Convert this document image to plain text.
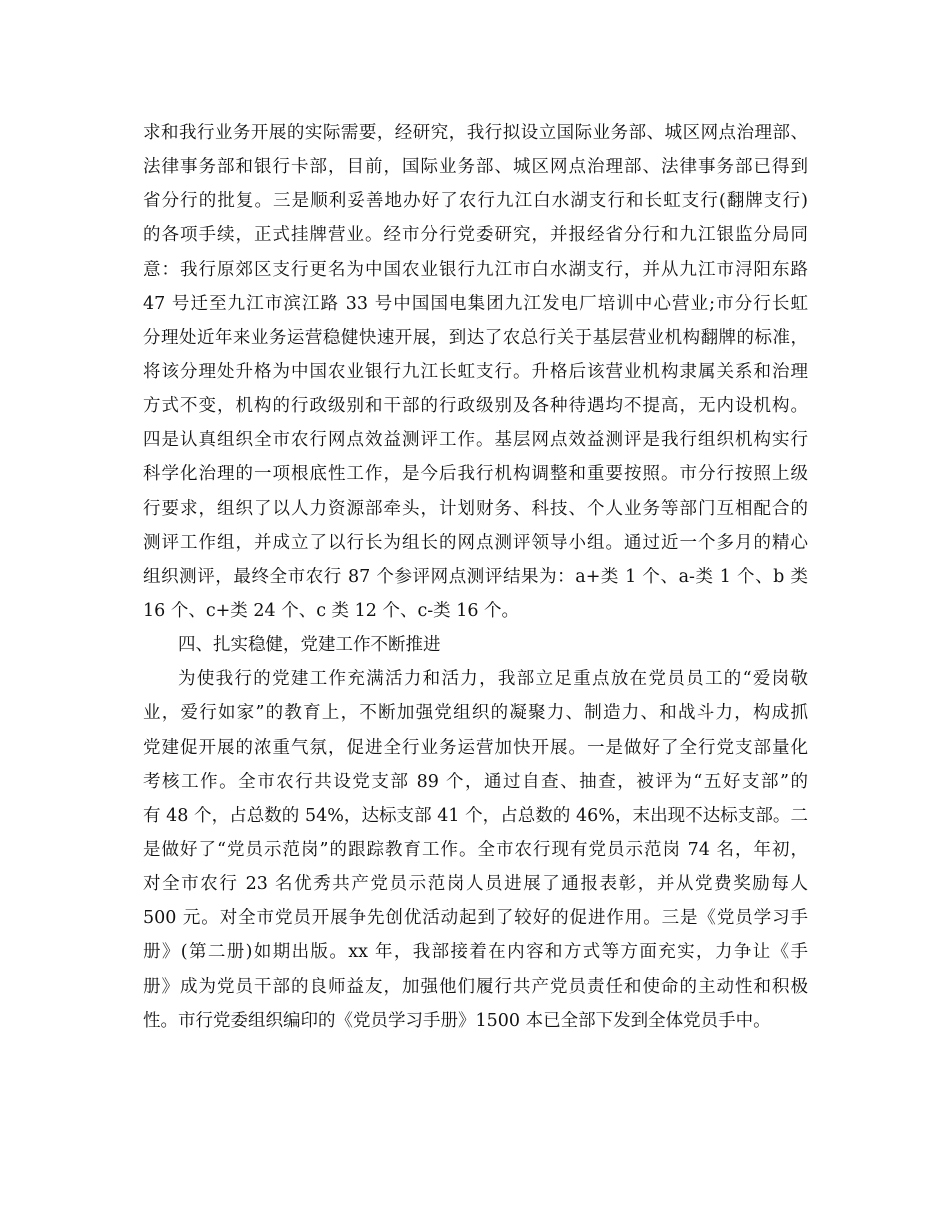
求和我行业务开展的实际需要，经研究，我行拟设立国际业务部、城区网点治理部、
法律事务部和银行卡部，目前，国际业务部、城区网点治理部、法律事务部已得到
省分行的批复。三是顺利妥善地办好了农行九江白水湖支行和长虹支行(翻牌支行)
的各项手续，正式挂牌营业。经市分行党委研究，并报经省分行和九江银监分局同
意：我行原郊区支行更名为中国农业银行九江市白水湖支行，并从九江市浔阳东路
47 号迁至九江市滨江路 33 号中国国电集团九江发电厂培训中心营业;市分行长虹
分理处近年来业务运营稳健快速开展，到达了农总行关于基层营业机构翻牌的标准，
将该分理处升格为中国农业银行九江长虹支行。升格后该营业机构隶属关系和治理
方式不变，机构的行政级别和干部的行政级别及各种待遇均不提高，无内设机构。
四是认真组织全市农行网点效益测评工作。基层网点效益测评是我行组织机构实行
科学化治理的一项根底性工作，是今后我行机构调整和重要按照。市分行按照上级
行要求，组织了以人力资源部牵头，计划财务、科技、个人业务等部门互相配合的
测评工作组，并成立了以行长为组长的网点测评领导小组。通过近一个多月的精心
组织测评，最终全市农行 87 个参评网点测评结果为：a+类 1 个、a-类 1 个、b 类
16 个、c+类 24 个、c 类 12 个、c-类 16 个。
四、扎实稳健，党建工作不断推进
为使我行的党建工作充满活力和活力，我部立足重点放在党员员工的“爱岗敬
业，爱行如家”的教育上，不断加强党组织的凝聚力、制造力、和战斗力，构成抓
党建促开展的浓重气氛，促进全行业务运营加快开展。一是做好了全行党支部量化
考核工作。全市农行共设党支部 89 个，通过自查、抽查，被评为“五好支部”的
有 48 个，占总数的 54%，达标支部 41 个，占总数的 46%，末出现不达标支部。二
是做好了“党员示范岗”的跟踪教育工作。全市农行现有党员示范岗 74 名，年初，
对全市农行 23 名优秀共产党员示范岗人员进展了通报表彰，并从党费奖励每人
500 元。对全市党员开展争先创优活动起到了较好的促进作用。三是《党员学习手
册》(第二册)如期出版。xx 年，我部接着在内容和方式等方面充实，力争让《手
册》成为党员干部的良师益友，加强他们履行共产党员责任和使命的主动性和积极
性。市行党委组织编印的《党员学习手册》1500 本已全部下发到全体党员手中。
